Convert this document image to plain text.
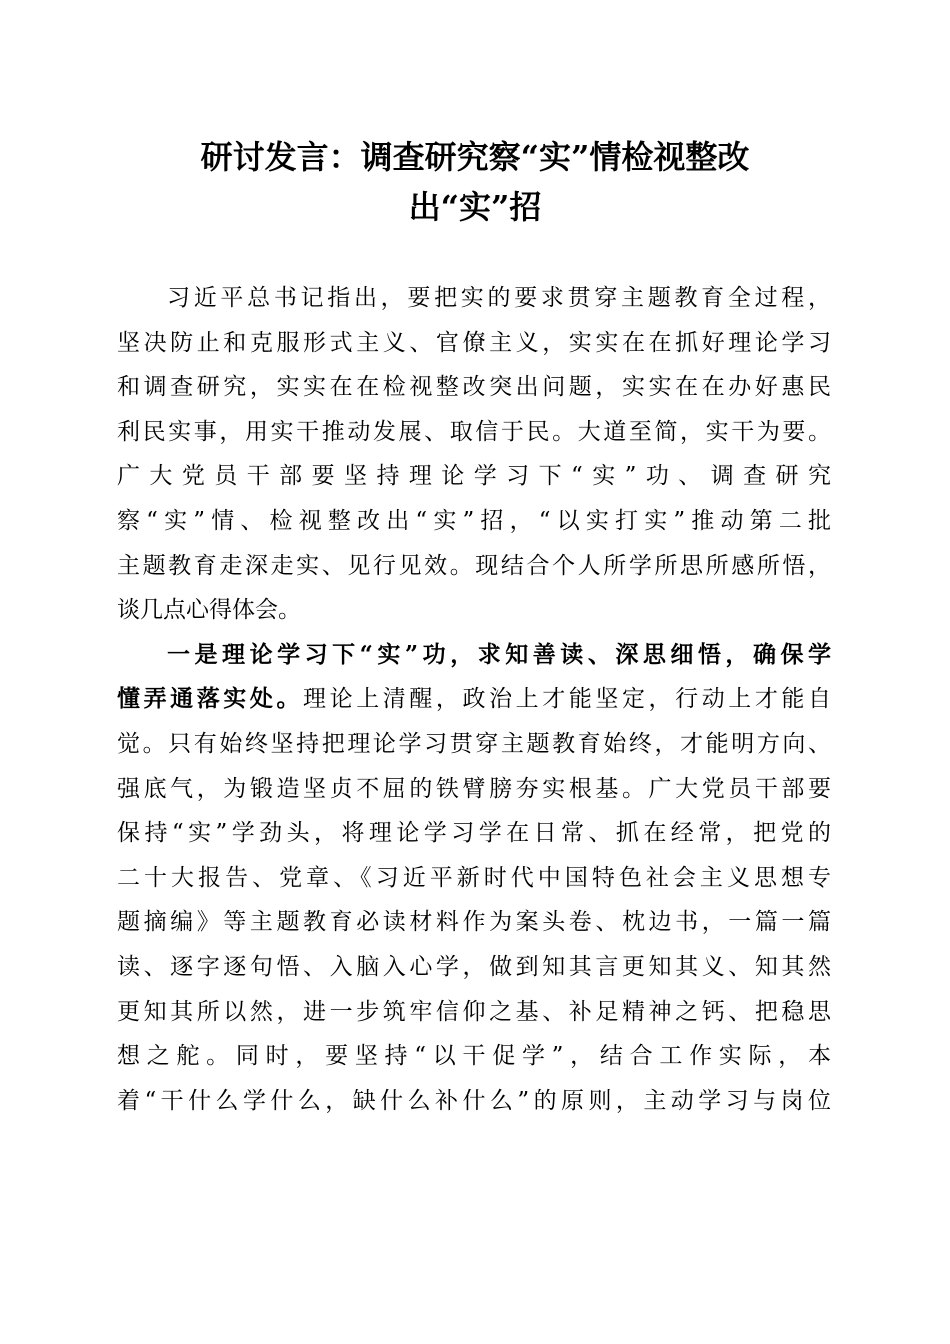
研讨发言：调查研究察“实”情检视整改
出“实”招
习近平总书记指出，要把实的要求贯穿主题教育全过程，
坚决防止和克服形式主义、官僚主义，实实在在抓好理论学习
和调查研究，实实在在检视整改突出问题，实实在在办好惠民
利民实事，用实干推动发展、取信于民。大道至简，实干为要。
广大党员干部要坚持理论学习下“实”功、调查研究
察“实”情、检视整改出“实”招，“以实打实”推动第二批
主题教育走深走实、见行见效。现结合个人所学所思所感所悟，
谈几点心得体会。
一是理论学习下“实”功，求知善读、深思细悟，确保学
懂弄通落实处。理论上清醒，政治上才能坚定，行动上才能自
觉。只有始终坚持把理论学习贯穿主题教育始终，才能明方向、
强底气，为锻造坚贞不屈的铁臂膀夯实根基。广大党员干部要
保持“实”学劲头，将理论学习学在日常、抓在经常，把党的
二十大报告、党章、《习近平新时代中国特色社会主义思想专
题摘编》等主题教育必读材料作为案头卷、枕边书，一篇一篇
读、逐字逐句悟、入脑入心学，做到知其言更知其义、知其然
更知其所以然，进一步筑牢信仰之基、补足精神之钙、把稳思
想之舵。同时，要坚持“以干促学”，结合工作实际，本
着“干什么学什么，缺什么补什么”的原则，主动学习与岗位
